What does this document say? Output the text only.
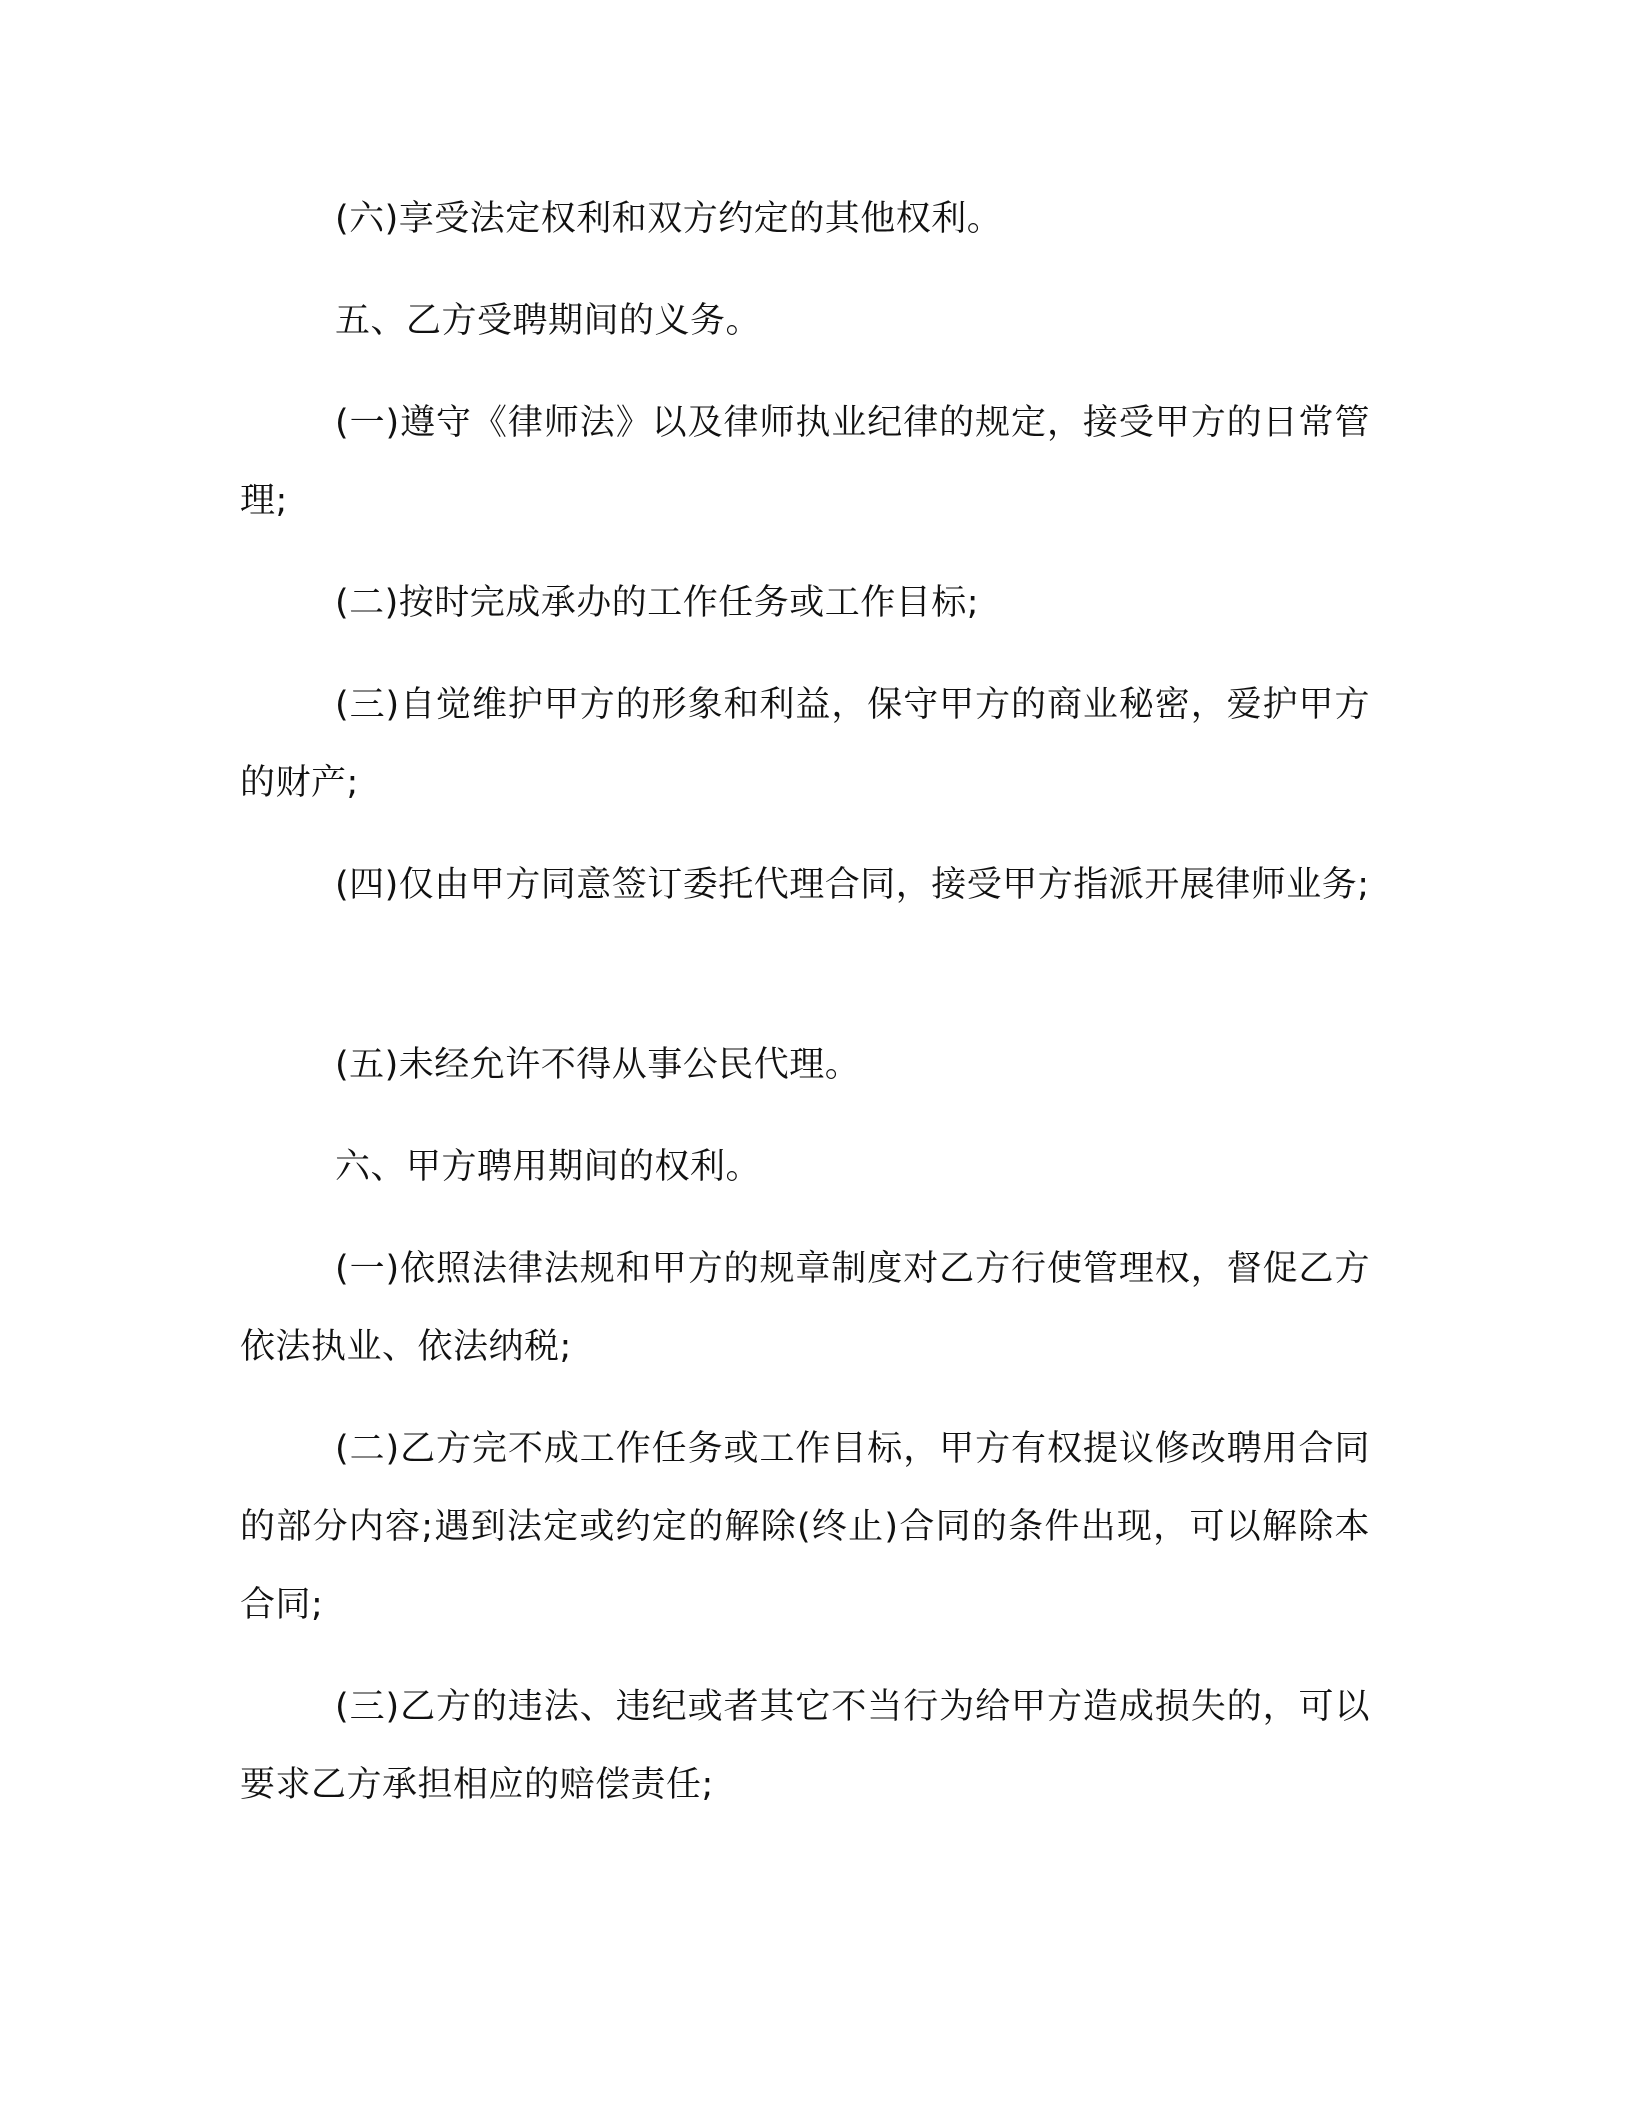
(六)享受法定权利和双方约定的其他权利。

五、乙方受聘期间的义务。

(一)遵守《律师法》以及律师执业纪律的规定，接受甲方的日常管理;

(二)按时完成承办的工作任务或工作目标;

(三)自觉维护甲方的形象和利益，保守甲方的商业秘密，爱护甲方的财产;

(四)仅由甲方同意签订委托代理合同，接受甲方指派开展律师业务;

(五)未经允许不得从事公民代理。

六、甲方聘用期间的权利。

(一)依照法律法规和甲方的规章制度对乙方行使管理权，督促乙方依法执业、依法纳税;

(二)乙方完不成工作任务或工作目标，甲方有权提议修改聘用合同 的部分内容;遇到法定或约定的解除(终止)合同的条件出现，可以解除本合同;

(三)乙方的违法、违纪或者其它不当行为给甲方造成损失的，可以要求乙方承担相应的赔偿责任;
